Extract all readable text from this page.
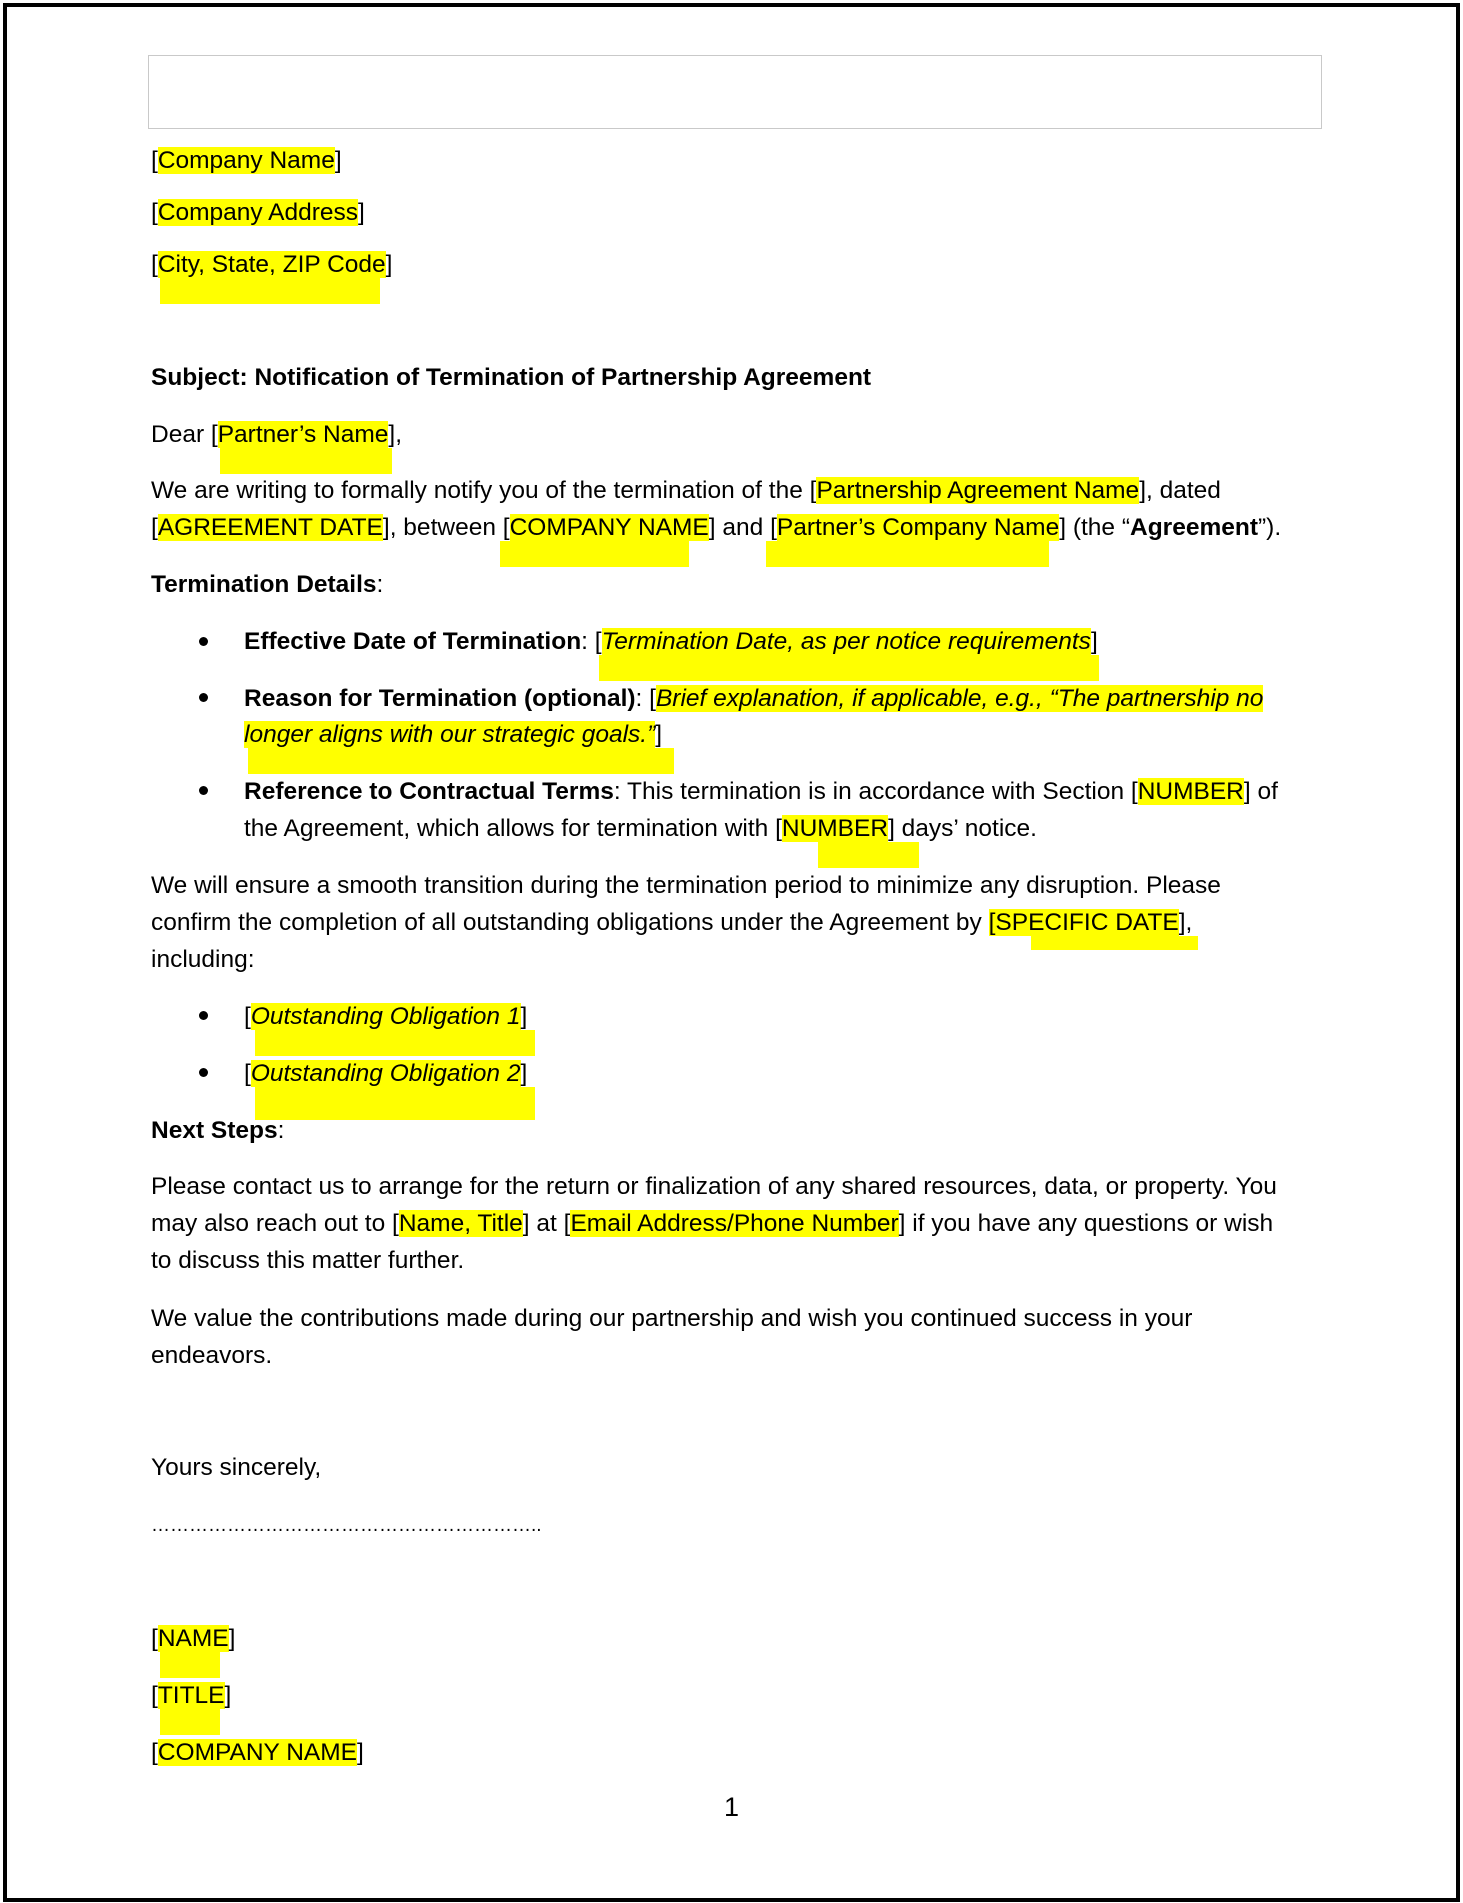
[Company Name]
[Company Address]
[City, State, ZIP Code]
Subject: Notification of Termination of Partnership Agreement
Dear [Partner’s Name],
We are writing to formally notify you of the termination of the [Partnership Agreement Name], dated
[AGREEMENT DATE], between [COMPANY NAME] and [Partner’s Company Name] (the “Agreement”).
Termination Details:
Effective Date of Termination: [Termination Date, as per notice requirements]
Reason for Termination (optional): [Brief explanation, if applicable, e.g., “The partnership no
longer aligns with our strategic goals.”]
Reference to Contractual Terms: This termination is in accordance with Section [NUMBER] of
the Agreement, which allows for termination with [NUMBER] days’ notice.
We will ensure a smooth transition during the termination period to minimize any disruption. Please
confirm the completion of all outstanding obligations under the Agreement by [SPECIFIC DATE],
including:
[Outstanding Obligation 1]
[Outstanding Obligation 2]
Next Steps:
Please contact us to arrange for the return or finalization of any shared resources, data, or property. You
may also reach out to [Name, Title] at [Email Address/Phone Number] if you have any questions or wish
to discuss this matter further.
We value the contributions made during our partnership and wish you continued success in your
endeavors.
Yours sincerely,
……………………………………………………..
[NAME]
[TITLE]
[COMPANY NAME]
1
